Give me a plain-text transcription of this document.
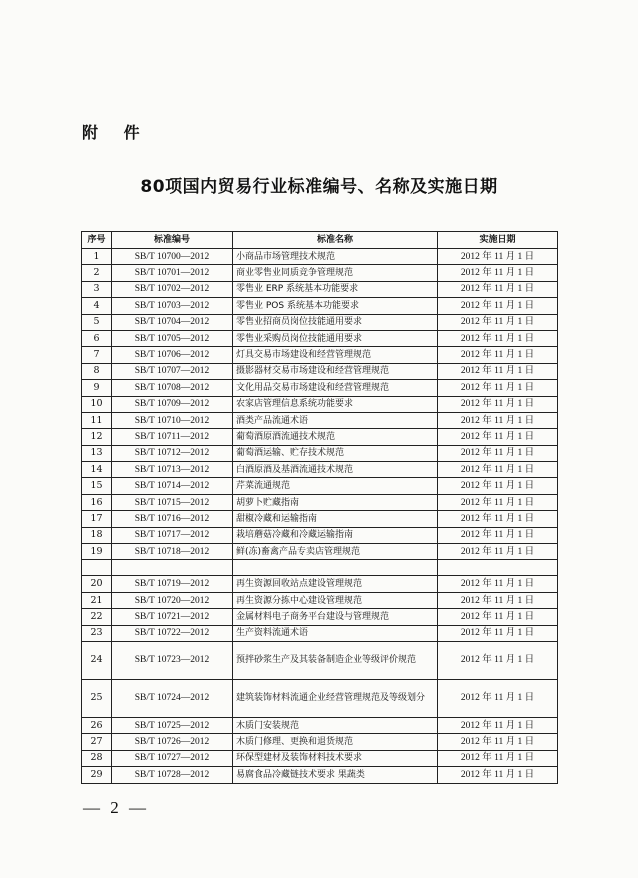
附 件
80项国内贸易行业标准编号、名称及实施日期
序号	标准编号	标准名称	实施日期
1	SB/T 10700—2012	小商品市场管理技术规范	2012 年 11 月 1 日
2	SB/T 10701—2012	商业零售业同质竞争管理规范	2012 年 11 月 1 日
3	SB/T 10702—2012	零售业 ERP 系统基本功能要求	2012 年 11 月 1 日
4	SB/T 10703—2012	零售业 POS 系统基本功能要求	2012 年 11 月 1 日
5	SB/T 10704—2012	零售业招商员岗位技能通用要求	2012 年 11 月 1 日
6	SB/T 10705—2012	零售业采购员岗位技能通用要求	2012 年 11 月 1 日
7	SB/T 10706—2012	灯具交易市场建设和经营管理规范	2012 年 11 月 1 日
8	SB/T 10707—2012	摄影器材交易市场建设和经营管理规范	2012 年 11 月 1 日
9	SB/T 10708—2012	文化用品交易市场建设和经营管理规范	2012 年 11 月 1 日
10	SB/T 10709—2012	农家店管理信息系统功能要求	2012 年 11 月 1 日
11	SB/T 10710—2012	酒类产品流通术语	2012 年 11 月 1 日
12	SB/T 10711—2012	葡萄酒原酒流通技术规范	2012 年 11 月 1 日
13	SB/T 10712—2012	葡萄酒运输、贮存技术规范	2012 年 11 月 1 日
14	SB/T 10713—2012	白酒原酒及基酒流通技术规范	2012 年 11 月 1 日
15	SB/T 10714—2012	芹菜流通规范	2012 年 11 月 1 日
16	SB/T 10715—2012	胡萝卜贮藏指南	2012 年 11 月 1 日
17	SB/T 10716—2012	甜椒冷藏和运输指南	2012 年 11 月 1 日
18	SB/T 10717—2012	栽培蘑菇冷藏和冷藏运输指南	2012 年 11 月 1 日
19	SB/T 10718—2012	鲜(冻)畜禽产品专卖店管理规范	2012 年 11 月 1 日

20	SB/T 10719—2012	再生资源回收站点建设管理规范	2012 年 11 月 1 日
21	SB/T 10720—2012	再生资源分拣中心建设管理规范	2012 年 11 月 1 日
22	SB/T 10721—2012	金属材料电子商务平台建设与管理规范	2012 年 11 月 1 日
23	SB/T 10722—2012	生产资料流通术语	2012 年 11 月 1 日
24	SB/T 10723—2012	预拌砂浆生产及其装备制造企业等级评价规范	2012 年 11 月 1 日
25	SB/T 10724—2012	建筑装饰材料流通企业经营管理规范及等级划分	2012 年 11 月 1 日
26	SB/T 10725—2012	木质门安装规范	2012 年 11 月 1 日
27	SB/T 10726—2012	木质门修理、更换和退货规范	2012 年 11 月 1 日
28	SB/T 10727—2012	环保型建材及装饰材料技术要求	2012 年 11 月 1 日
29	SB/T 10728—2012	易腐食品冷藏链技术要求 果蔬类	2012 年 11 月 1 日
— 2 —
